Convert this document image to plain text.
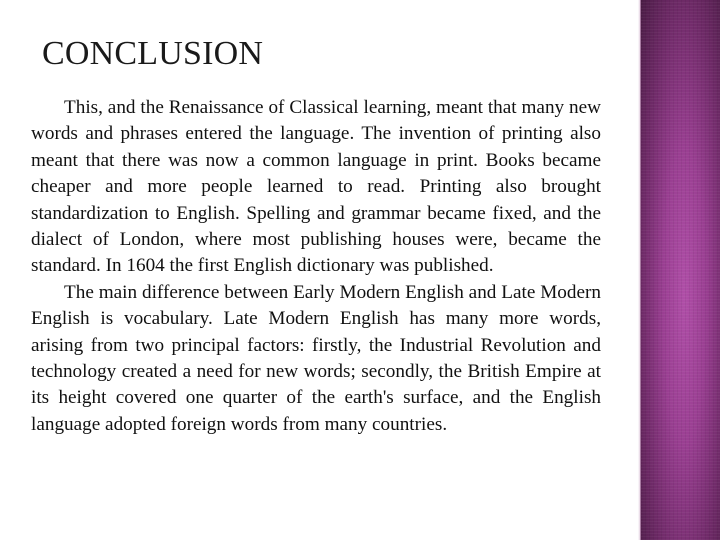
CONCLUSION

This, and the Renaissance of Classical learning, meant that many new words and phrases entered the language. The invention of printing also meant that there was now a common language in print. Books became cheaper and more people learned to read. Printing also brought standardization to English. Spelling and grammar became fixed, and the dialect of London, where most publishing houses were, became the standard. In 1604 the first English dictionary was published.

The main difference between Early Modern English and Late Modern English is vocabulary. Late Modern English has many more words, arising from two principal factors: firstly, the Industrial Revolution and technology created a need for new words; secondly, the British Empire at its height covered one quarter of the earth's surface, and the English language adopted foreign words from many countries.
